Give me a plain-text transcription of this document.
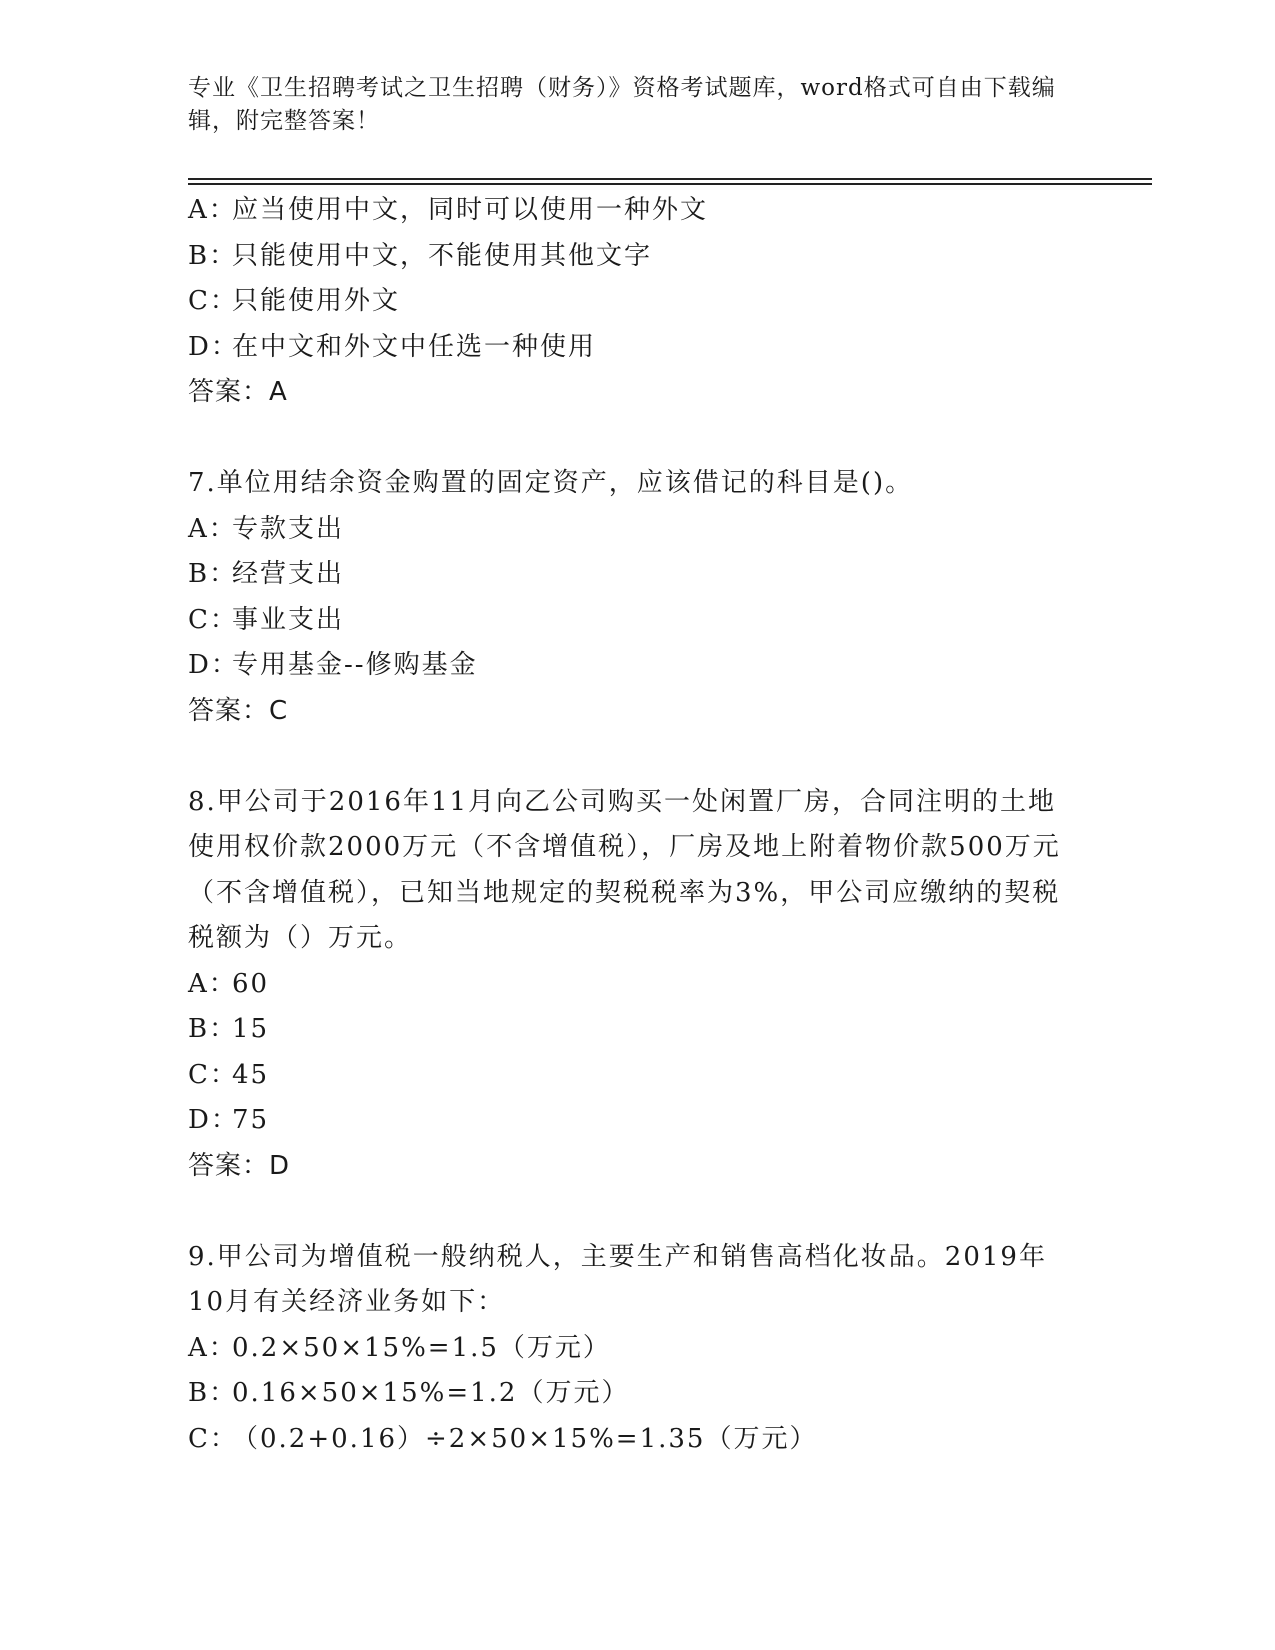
专业《卫生招聘考试之卫生招聘（财务）》资格考试题库，word格式可自由下载编辑，附完整答案！
A：应当使用中文，同时可以使用一种外文
B：只能使用中文，不能使用其他文字
C：只能使用外文
D：在中文和外文中任选一种使用
答案：A
7.单位用结余资金购置的固定资产，应该借记的科目是()。
A：专款支出
B：经营支出
C：事业支出
D：专用基金--修购基金
答案：C
8.甲公司于2016年11月向乙公司购买一处闲置厂房，合同注明的土地使用权价款2000万元（不含增值税），厂房及地上附着物价款500万元（不含增值税），已知当地规定的契税税率为3%，甲公司应缴纳的契税税额为（）万元。
A：60
B：15
C：45
D：75
答案：D
9.甲公司为增值税一般纳税人，主要生产和销售高档化妆品。2019年10月有关经济业务如下：
A：0.2×50×15%=1.5（万元）
B：0.16×50×15%=1.2（万元）
C：（0.2+0.16）÷2×50×15%=1.35（万元）
